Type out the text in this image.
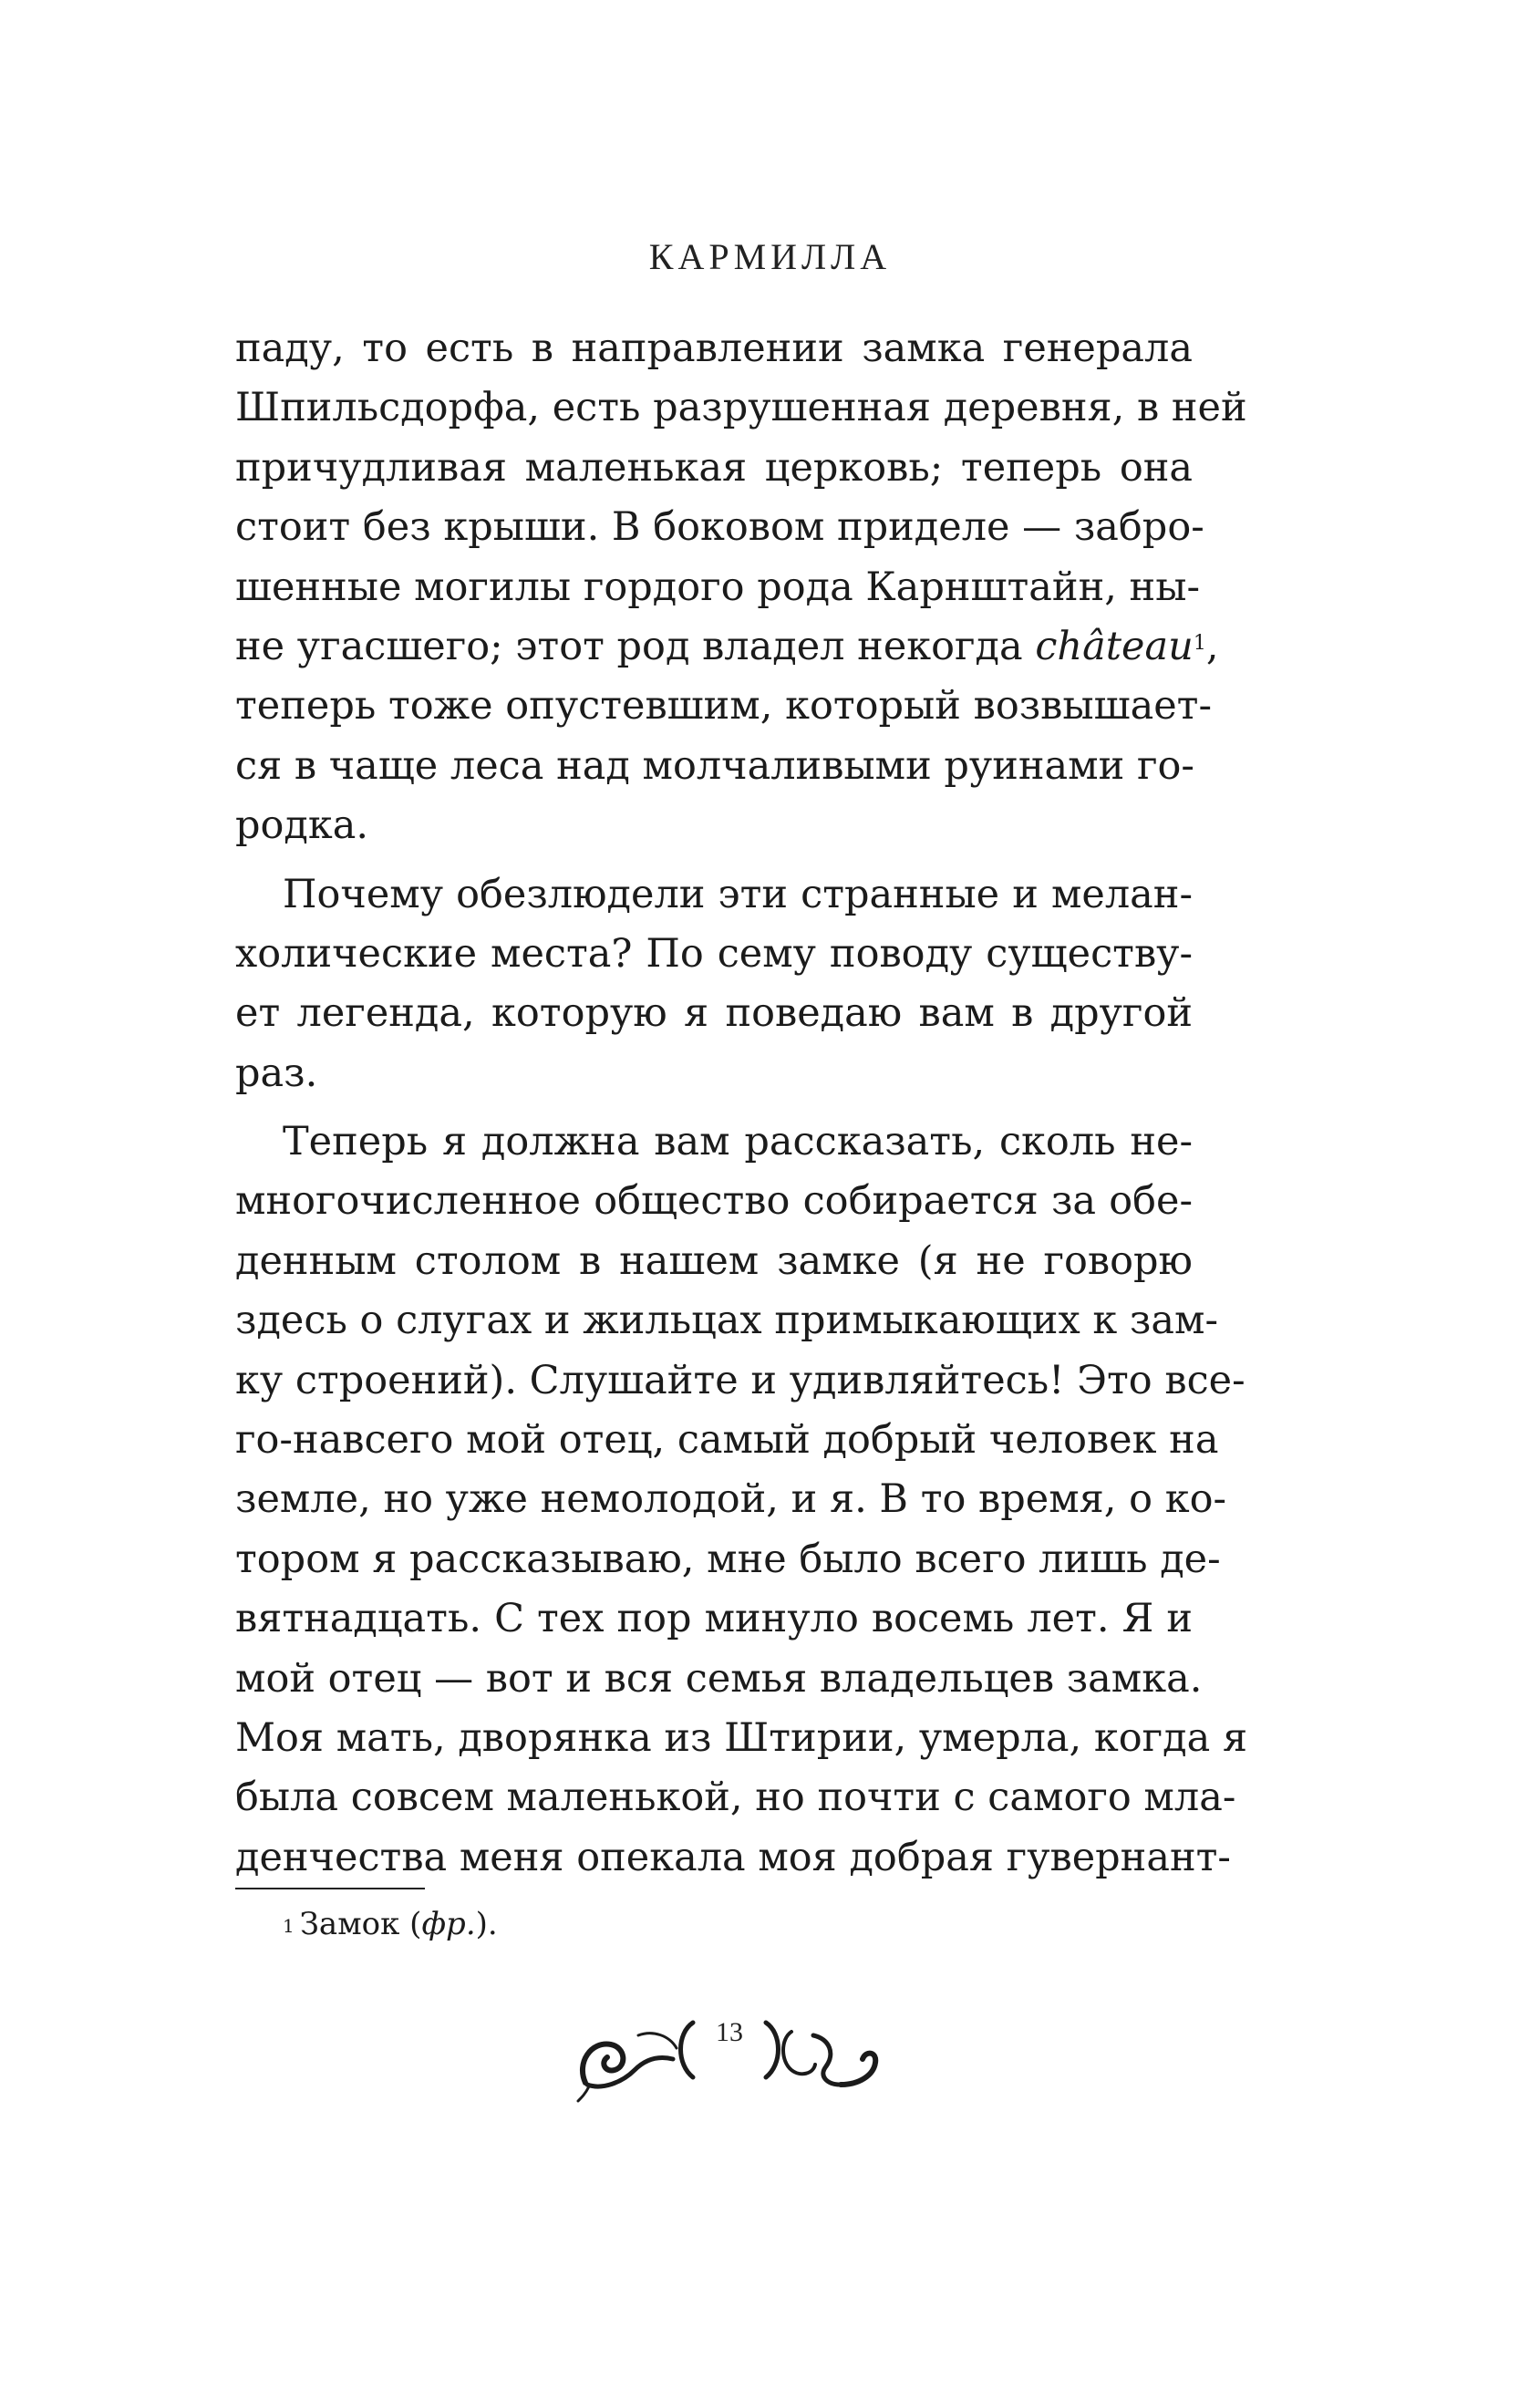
КАРМИЛЛА
паду, то есть в направлении замка генерала
Шпильсдорфа, есть разрушенная деревня, в ней
причудливая маленькая церковь; теперь она
стоит без крыши. В боковом приделе — забро-
шенные могилы гордого рода Карнштайн, ны-
не угасшего; этот род владел некогда château$^1$,
теперь тоже опустевшим, который возвышает-
ся в чаще леса над молчаливыми руинами го-
родка.
Почему обезлюдели эти странные и мелан-
холические места? По сему поводу существу-
ет легенда, которую я поведаю вам в другой
раз.
Теперь я должна вам рассказать, сколь не-
многочисленное общество собирается за обе-
денным столом в нашем замке (я не говорю
здесь о слугах и жильцах примыкающих к зам-
ку строений). Слушайте и удивляйтесь! Это все-
го-навсего мой отец, самый добрый человек на
земле, но уже немолодой, и я. В то время, о ко-
тором я рассказываю, мне было всего лишь де-
вятнадцать. С тех пор минуло восемь лет. Я и
мой отец — вот и вся семья владельцев замка.
Моя мать, дворянка из Штирии, умерла, когда я
была совсем маленькой, но почти с самого мла-
денчества меня опекала моя добрая гувернант-
$^1$ Замок (фр.).
13
